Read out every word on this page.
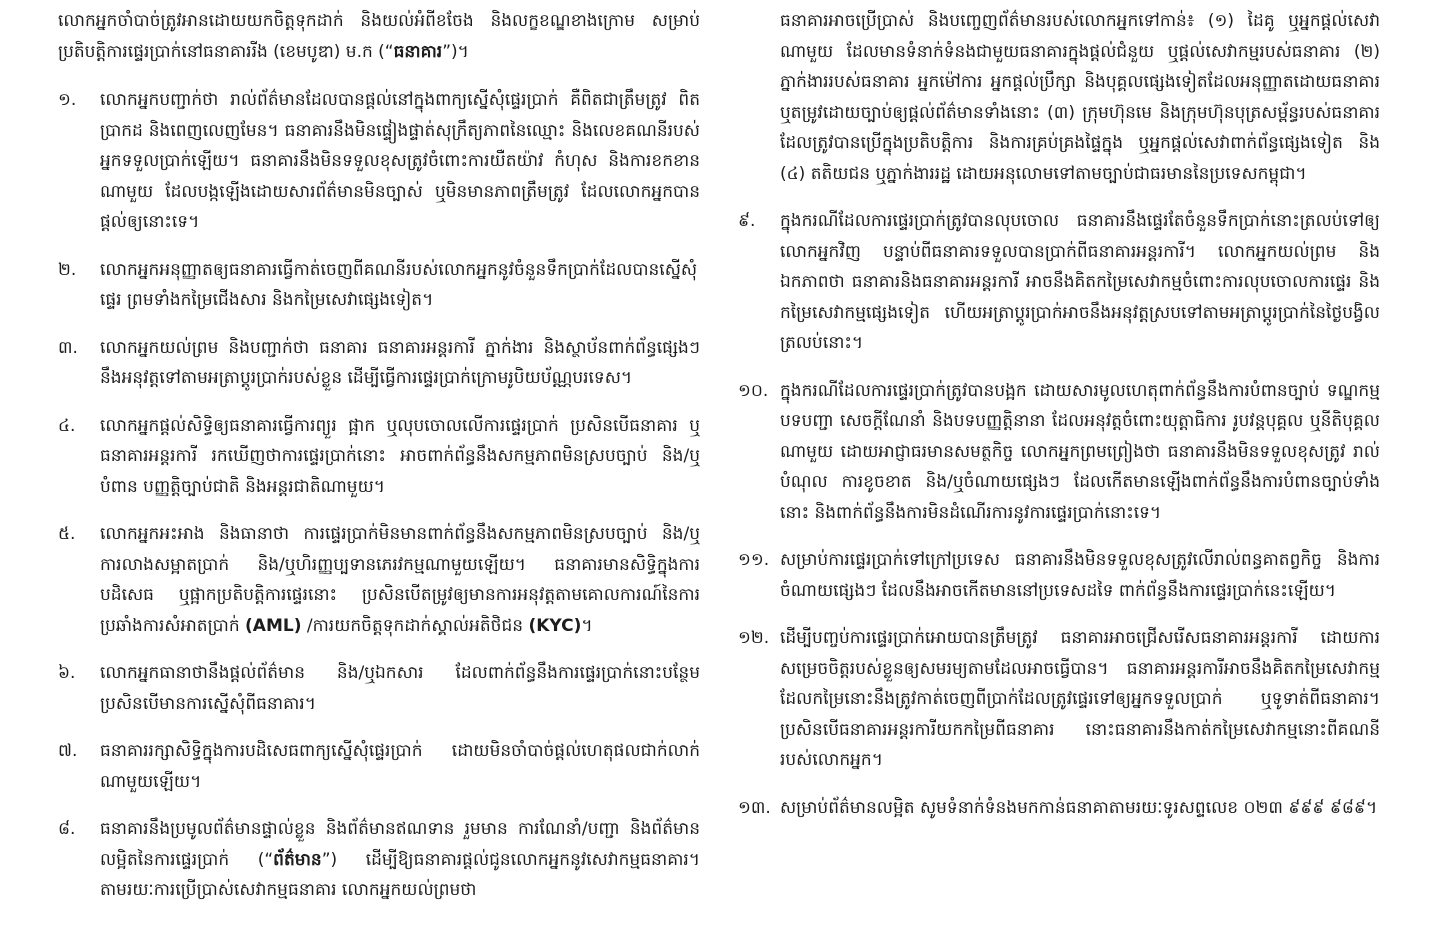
លោកអ្នកចាំបាច់ត្រូវអានដោយយកចិត្តទុកដាក់ និងយល់អំពីខចែង និងលក្ខខណ្ឌខាងក្រោម សម្រាប់ប្រតិបត្តិការផ្ទេរប្រាក់នៅធនាគាររីង (ខេមបូឌា) ម.ក (“ធនាគារ”)។

១.	លោកអ្នកបញ្ជាក់ថា រាល់ព័ត៌មានដែលបានផ្តល់នៅក្នុងពាក្យស្នើសុំផ្ទេរប្រាក់ គឺពិតជាត្រឹមត្រូវ ពិតប្រាកដ និងពេញលេញមែន។ ធនាគារនឹងមិនផ្ទៀងផ្ទាត់សុក្រឹត្យភាពនៃឈ្មោះ និងលេខគណនីរបស់អ្នកទទួលប្រាក់ឡើយ។ ធនាគារនឹងមិនទទួលខុសត្រូវចំពោះការយឺតយ៉ាវ កំហុស និងការខកខានណាមួយ ដែលបង្កឡើងដោយសារព័ត៌មានមិនច្បាស់ ឬមិនមានភាពត្រឹមត្រូវ ដែលលោកអ្នកបានផ្តល់ឲ្យនោះទេ។
២.	លោកអ្នកអនុញ្ញាតឲ្យធនាគារធ្វើកាត់ចេញពីគណនីរបស់លោកអ្នកនូវចំនួនទឹកប្រាក់ដែលបានស្នើសុំផ្ទេរ ព្រមទាំងកម្រៃជើងសារ និងកម្រៃសេវាផ្សេងទៀត។
៣.	លោកអ្នកយល់ព្រម និងបញ្ជាក់ថា ធនាគារ ធនាគារអន្តរការី ភ្នាក់ងារ និងស្ថាប័នពាក់ព័ន្ធផ្សេងៗ នឹងអនុវត្តទៅតាមអត្រាប្តូរប្រាក់របស់ខ្លួន ដើម្បីធ្វើការផ្ទេរប្រាក់ក្រោមរូបិយប័ណ្ណបរទេស។
៤.	លោកអ្នកផ្តល់សិទ្ធិឲ្យធនាគារធ្វើការព្យួរ ផ្អាក ឬលុបចោលលើការផ្ទេរប្រាក់ ប្រសិនបើធនាគារ ឬធនាគារអន្តរការី រកឃើញថាការផ្ទេរប្រាក់នោះ អាចពាក់ព័ន្ធនឹងសកម្មភាពមិនស្របច្បាប់ និង/ឬបំពាន បញ្ញត្តិច្បាប់ជាតិ និងអន្តរជាតិណាមួយ។
៥.	លោកអ្នកអះអាង និងធានាថា ការផ្ទេរប្រាក់មិនមានពាក់ព័ន្ធនឹងសកម្មភាពមិនស្របច្បាប់ និង/ឬ ការលាងសម្អាតប្រាក់ និង/ឬហិរញ្ញប្បទានភេរវកម្មណាមួយឡើយ។ ធនាគារមានសិទ្ធិក្នុងការបដិសេធ ឬផ្អាកប្រតិបត្តិការផ្ទេរនោះ ប្រសិនបើតម្រូវឲ្យមានការអនុវត្តតាមគោលការណ៍នៃការប្រឆាំងការសំអាតប្រាក់ (AML) /ការយកចិត្តទុកដាក់ស្គាល់អតិថិជន (KYC)។
៦.	លោកអ្នកធានាថានឹងផ្តល់ព័ត៌មាន និង/ឬឯកសារ ដែលពាក់ព័ន្ធនឹងការផ្ទេរប្រាក់នោះបន្ថែម ប្រសិនបើមានការស្នើសុំពីធនាគារ។
៧.	ធនាគាររក្សាសិទ្ធិក្នុងការបដិសេធពាក្យស្នើសុំផ្ទេរប្រាក់ ដោយមិនចាំបាច់ផ្តល់ហេតុផលជាក់លាក់ណាមួយឡើយ។
៨.	ធនាគារនឹងប្រមូលព័ត៌មានផ្ទាល់ខ្លួន និងព័ត៌មានឥណទាន រួមមាន ការណែនាំ/បញ្ជា និងព័ត៌មានលម្អិតនៃការផ្ទេរប្រាក់ (“ព័ត៌មាន”) ដើម្បីឱ្យធនាគារផ្តល់ជូនលោកអ្នកនូវសេវាកម្មធនាគារ។ តាមរយៈការប្រើប្រាស់សេវាកម្មធនាគារ លោកអ្នកយល់ព្រមថា

ធនាគារអាចប្រើប្រាស់ និងបញ្ចេញព័ត៌មានរបស់លោកអ្នកទៅកាន់៖ (១) ដៃគូ ឬអ្នកផ្តល់សេវាណាមួយ ដែលមានទំនាក់ទំនងជាមួយធនាគារក្នុងផ្តល់ជំនួយ ឬផ្តល់សេវាកម្មរបស់ធនាគារ (២) ភ្នាក់ងាររបស់ធនាគារ អ្នកម៉ៅការ អ្នកផ្តល់ប្រឹក្សា និងបុគ្គលផ្សេងទៀតដែលអនុញ្ញាតដោយធនាគារ ឬតម្រូវដោយច្បាប់ឲ្យផ្តល់ព័ត៌មានទាំងនោះ (៣) ក្រុមហ៊ុនមេ និងក្រុមហ៊ុនបុត្រសម្ព័ន្ធរបស់ធនាគារ ដែលត្រូវបានប្រើក្នុងប្រតិបត្តិការ និងការគ្រប់គ្រងផ្ទៃក្នុង ឬអ្នកផ្តល់សេវាពាក់ព័ន្ធផ្សេងទៀត និង (៤) តតិយជន ឬភ្នាក់ងាររដ្ឋ ដោយអនុលោមទៅតាមច្បាប់ជាធរមាននៃប្រទេសកម្ពុជា។

៩.	ក្នុងករណីដែលការផ្ទេរប្រាក់ត្រូវបានលុបចោល ធនាគារនឹងផ្ទេរតែចំនួនទឹកប្រាក់នោះត្រលប់ទៅឲ្យលោកអ្នកវិញ បន្ទាប់ពីធនាគារទទួលបានប្រាក់ពីធនាគារអន្តរការី។ លោកអ្នកយល់ព្រម និងឯកភាពថា ធនាគារនិងធនាគារអន្តរការី អាចនឹងគិតកម្រៃសេវាកម្មចំពោះការលុបចោលការផ្ទេរ និងកម្រៃសេវាកម្មផ្សេងទៀត ហើយអត្រាប្តូរប្រាក់អាចនឹងអនុវត្តស្របទៅតាមអត្រាប្តូរប្រាក់នៃថ្ងៃបង្វិលត្រលប់នោះ។
១០. ក្នុងករណីដែលការផ្ទេរប្រាក់ត្រូវបានបង្អក ដោយសារមូលហេតុពាក់ព័ន្ធនឹងការបំពានច្បាប់ ទណ្ឌកម្ម បទបញ្ជា សេចក្តីណែនាំ និងបទបញ្ញត្តិនានា ដែលអនុវត្តចំពោះយុត្តាធិការ រូបវន្តបុគ្គល ឬនីតិបុគ្គលណាមួយ ដោយអាជ្ញាធរមានសមត្ថកិច្ច លោកអ្នកព្រមព្រៀងថា ធនាគារនឹងមិនទទួលខុសត្រូវ រាល់បំណុល ការខូចខាត និង/ឬចំណាយផ្សេងៗ ដែលកើតមានឡើងពាក់ព័ន្ធនឹងការបំពានច្បាប់ទាំងនោះ និងពាក់ព័ន្ធនឹងការមិនដំណើរការនូវការផ្ទេរប្រាក់នោះទេ។
១១. សម្រាប់ការផ្ទេរប្រាក់ទៅក្រៅប្រទេស ធនាគារនឹងមិនទទួលខុសត្រូវលើរាល់ពន្ធគាតព្វកិច្ច និងការចំណាយផ្សេងៗ ដែលនឹងអាចកើតមាននៅប្រទេសដទៃ ពាក់ព័ន្ធនឹងការផ្ទេរប្រាក់នេះឡើយ។
១២. ដើម្បីបញ្ចប់ការផ្ទេរប្រាក់អោយបានត្រឹមត្រូវ ធនាគារអាចជ្រើសរើសធនាគារអន្តរការី ដោយការសម្រេចចិត្តរបស់ខ្លួនឲ្យសមរម្យតាមដែលអាចធ្វើបាន។ ធនាគារអន្តរការីអាចនឹងគិតកម្រៃសេវាកម្ម ដែលកម្រៃនោះនឹងត្រូវកាត់ចេញពីប្រាក់ដែលត្រូវផ្ទេរទៅឲ្យអ្នកទទួលប្រាក់ ឬទូទាត់ពីធនាគារ។ ប្រសិនបើធនាគារអន្តរការីយកកម្រៃពីធនាគារ នោះធនាគារនឹងកាត់កម្រៃសេវាកម្មនោះពីគណនីរបស់លោកអ្នក។
១៣. សម្រាប់ព័ត៌មានលម្អិត សូមទំនាក់ទំនងមកកាន់ធនាគាតាមរយៈទូរសព្ទលេខ ០២៣ ៩៩៩ ៩៨៩។
